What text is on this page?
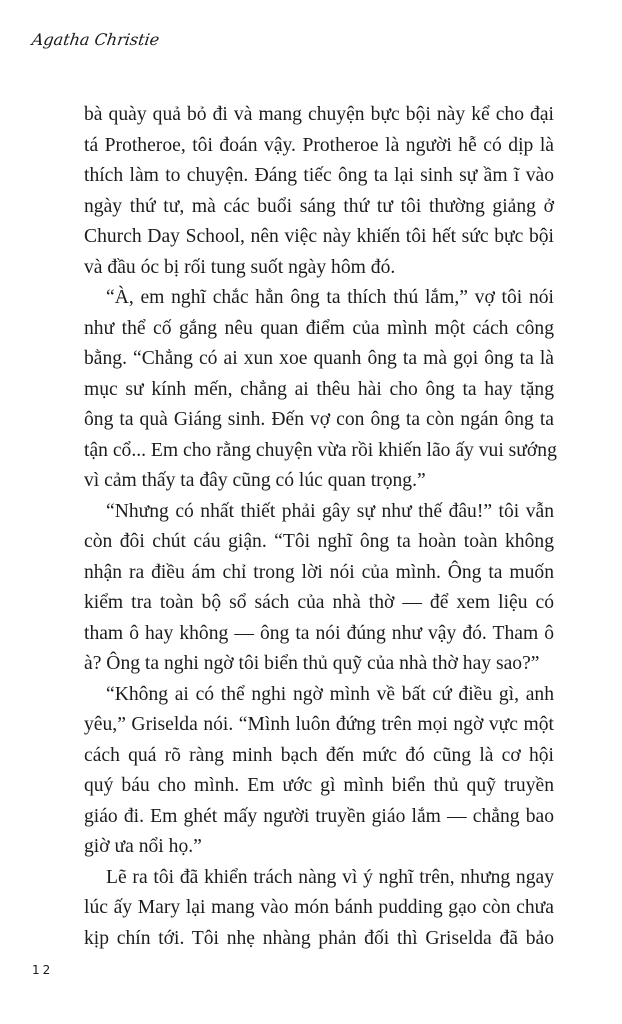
Agatha Christie
bà quày quả bỏ đi và mang chuyện bực bội này kể cho đại
tá Protheroe, tôi đoán vậy. Protheroe là người hễ có dịp là
thích làm to chuyện. Đáng tiếc ông ta lại sinh sự ầm ĩ vào
ngày thứ tư, mà các buổi sáng thứ tư tôi thường giảng ở
Church Day School, nên việc này khiến tôi hết sức bực bội
và đầu óc bị rối tung suốt ngày hôm đó.
“À, em nghĩ chắc hẳn ông ta thích thú lắm,” vợ tôi nói
như thể cố gắng nêu quan điểm của mình một cách công
bằng. “Chẳng có ai xun xoe quanh ông ta mà gọi ông ta là
mục sư kính mến, chẳng ai thêu hài cho ông ta hay tặng
ông ta quà Giáng sinh. Đến vợ con ông ta còn ngán ông ta
tận cổ... Em cho rằng chuyện vừa rồi khiến lão ấy vui sướng
vì cảm thấy ta đây cũng có lúc quan trọng.”
“Nhưng có nhất thiết phải gây sự như thế đâu!” tôi vẫn
còn đôi chút cáu giận. “Tôi nghĩ ông ta hoàn toàn không
nhận ra điều ám chỉ trong lời nói của mình. Ông ta muốn
kiểm tra toàn bộ sổ sách của nhà thờ — để xem liệu có
tham ô hay không — ông ta nói đúng như vậy đó. Tham ô
à? Ông ta nghi ngờ tôi biển thủ quỹ của nhà thờ hay sao?”
“Không ai có thể nghi ngờ mình về bất cứ điều gì, anh
yêu,” Griselda nói. “Mình luôn đứng trên mọi ngờ vực một
cách quá rõ ràng minh bạch đến mức đó cũng là cơ hội
quý báu cho mình. Em ước gì mình biển thủ quỹ truyền
giáo đi. Em ghét mấy người truyền giáo lắm — chẳng bao
giờ ưa nổi họ.”
Lẽ ra tôi đã khiển trách nàng vì ý nghĩ trên, nhưng ngay
lúc ấy Mary lại mang vào món bánh pudding gạo còn chưa
kịp chín tới. Tôi nhẹ nhàng phản đối thì Griselda đã bảo
12
